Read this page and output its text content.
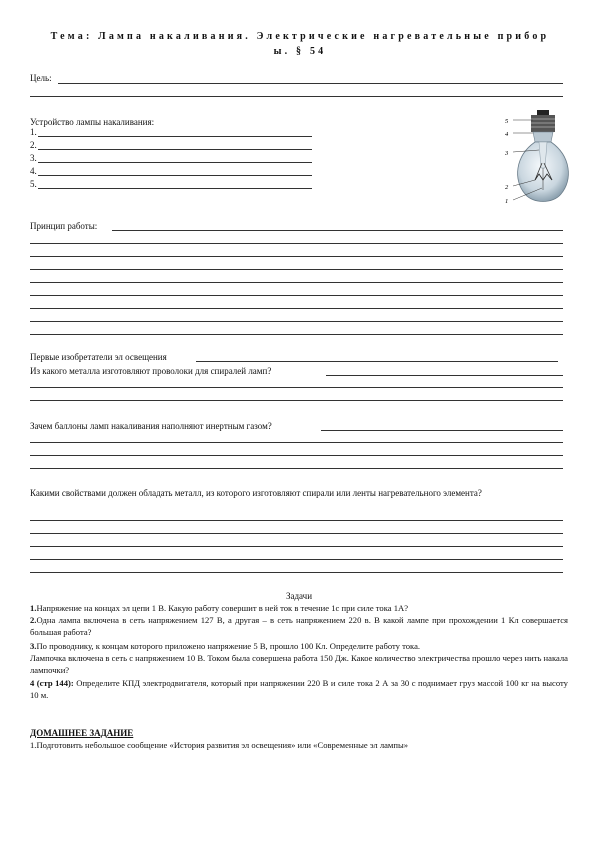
Тема: Лампа накаливания. Электрические нагревательные прибор
ы. § 54
Цель:
Устройство лампы накаливания:
1.
2.
3.
4.
5.
5
4
3
2
1
Принцип работы:
Первые изобретатели эл освещения
Из какого металла изготовляют проволоки для спиралей ламп?
Зачем баллоны ламп накаливания наполняют инертным газом?
Какими свойствами должен обладать металл, из которого изготовляют спирали или ленты нагревательного элемента?
Задачи
1.Напряжение на концах эл цепи 1 В. Какую работу совершит в ней ток в течение 1с при силе тока 1А?
2.Одна лампа включена в сеть напряжением 127 В, а другая – в сеть напряжением 220 в. В какой лампе при прохождении 1 Кл совершается большая работа?
3.По проводнику, к концам которого приложено напряжение 5 В, прошло 100 Кл. Определите работу тока.
Лампочка включена в сеть с напряжением 10 В. Током была совершена работа 150 Дж. Какое количество электричества прошло через нить накала лампочки?
4 (стр 144): Определите КПД электродвигателя, который при напряжении 220 В и силе тока 2 А за 30 с поднимает груз массой 100 кг на высоту 10 м.
ДОМАШНЕЕ ЗАДАНИЕ
1.Подготовить небольшое сообщение «История развития эл освещения» или «Современные эл лампы»
